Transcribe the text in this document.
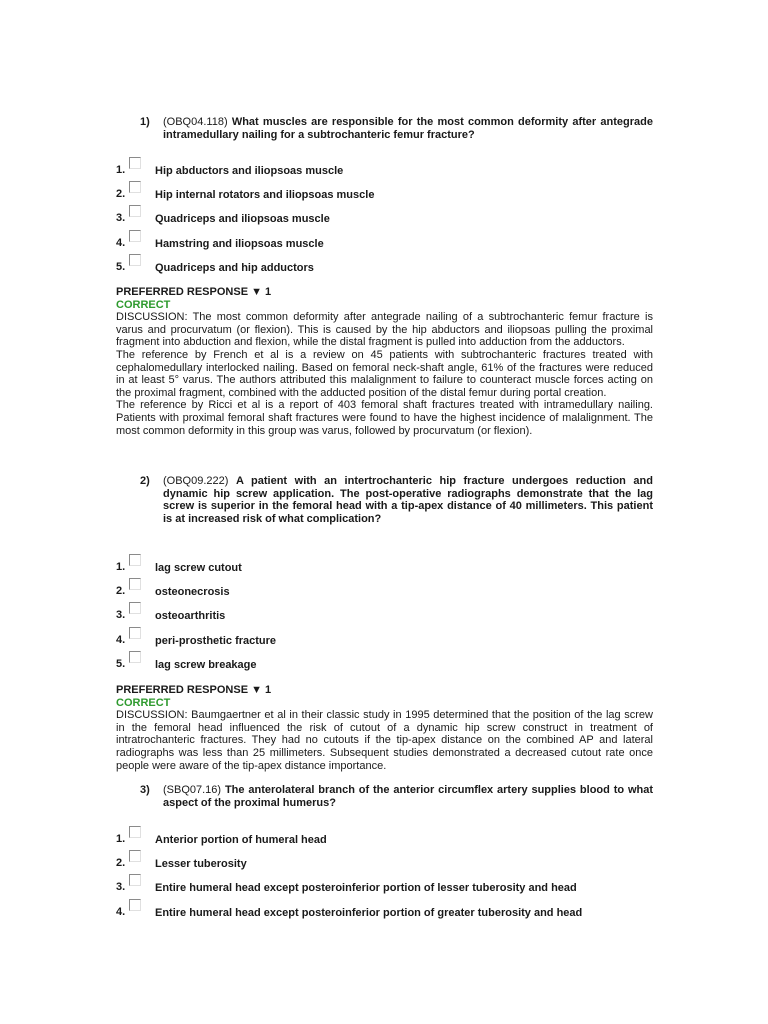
1) (OBQ04.118) What muscles are responsible for the most common deformity after antegrade intramedullary nailing for a subtrochanteric femur fracture?
1.	Hip abductors and iliopsoas muscle
2.	Hip internal rotators and iliopsoas muscle
3.	Quadriceps and iliopsoas muscle
4.	Hamstring and iliopsoas muscle
5.	Quadriceps and hip adductors
PREFERRED RESPONSE ▼ 1
CORRECT
DISCUSSION: The most common deformity after antegrade nailing of a subtrochanteric femur fracture is varus and procurvatum (or flexion). This is caused by the hip abductors and iliopsoas pulling the proximal fragment into abduction and flexion, while the distal fragment is pulled into adduction from the adductors.
The reference by French et al is a review on 45 patients with subtrochanteric fractures treated with cephalomedullary interlocked nailing. Based on femoral neck-shaft angle, 61% of the fractures were reduced in at least 5° varus. The authors attributed this malalignment to failure to counteract muscle forces acting on the proximal fragment, combined with the adducted position of the distal femur during portal creation.
The reference by Ricci et al is a report of 403 femoral shaft fractures treated with intramedullary nailing. Patients with proximal femoral shaft fractures were found to have the highest incidence of malalignment. The most common deformity in this group was varus, followed by procurvatum (or flexion).
2) (OBQ09.222) A patient with an intertrochanteric hip fracture undergoes reduction and dynamic hip screw application. The post-operative radiographs demonstrate that the lag screw is superior in the femoral head with a tip-apex distance of 40 millimeters. This patient is at increased risk of what complication?
1.	lag screw cutout
2.	osteonecrosis
3.	osteoarthritis
4.	peri-prosthetic fracture
5.	lag screw breakage
PREFERRED RESPONSE ▼ 1
CORRECT
DISCUSSION: Baumgaertner et al in their classic study in 1995 determined that the position of the lag screw in the femoral head influenced the risk of cutout of a dynamic hip screw construct in treatment of intratrochanteric fractures. They had no cutouts if the tip-apex distance on the combined AP and lateral radiographs was less than 25 millimeters. Subsequent studies demonstrated a decreased cutout rate once people were aware of the tip-apex distance importance.
3) (SBQ07.16) The anterolateral branch of the anterior circumflex artery supplies blood to what aspect of the proximal humerus?
1.	Anterior portion of humeral head
2.	Lesser tuberosity
3.	Entire humeral head except posteroinferior portion of lesser tuberosity and head
4.	Entire humeral head except posteroinferior portion of greater tuberosity and head
